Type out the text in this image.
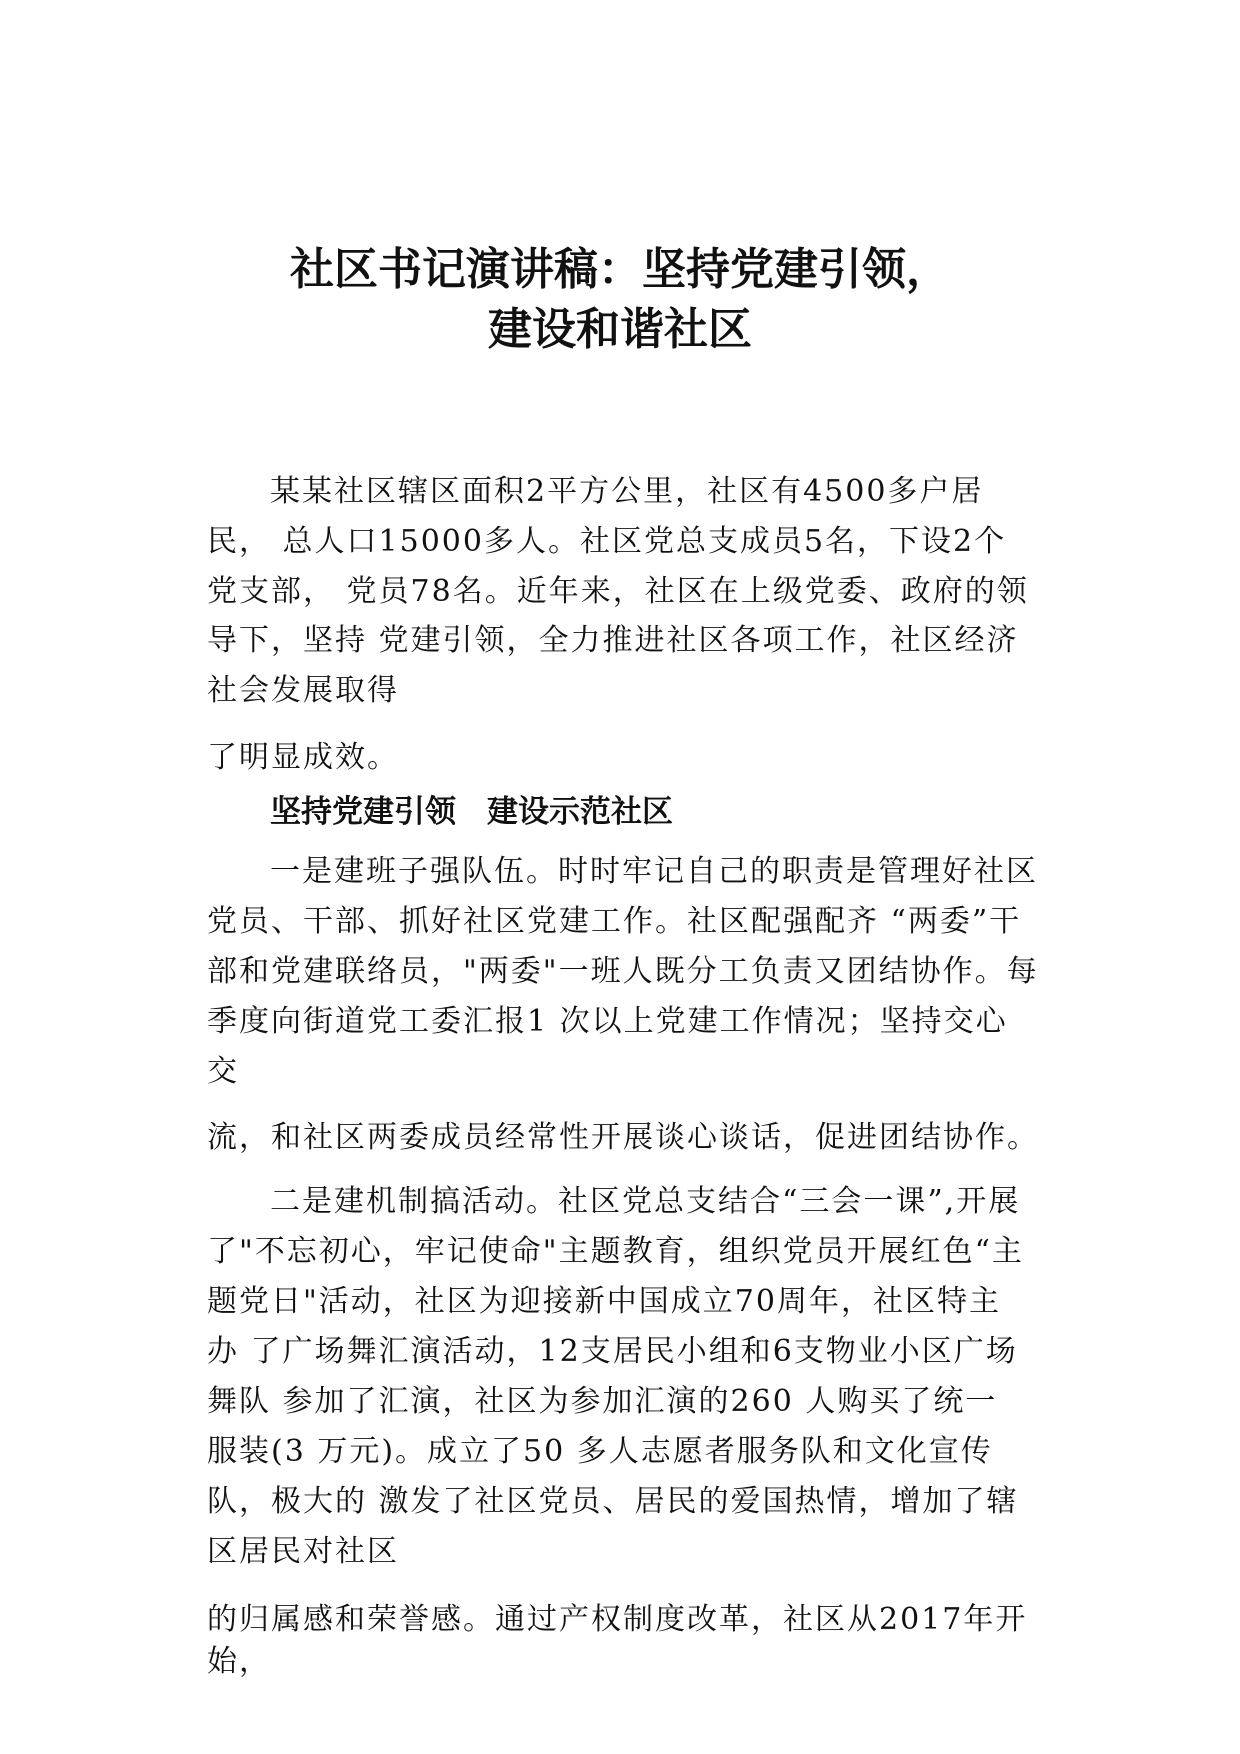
社区书记演讲稿：坚持党建引领，
建设和谐社区
某某社区辖区面积2平方公里，社区有4500多户居
民， 总人口15000多人。社区党总支成员5名，下设2个
党支部， 党员78名。近年来，社区在上级党委、政府的领
导下，坚持 党建引领，全力推进社区各项工作，社区经济
社会发展取得
了明显成效。
坚持党建引领　建设示范社区
一是建班子强队伍。时时牢记自己的职责是管理好社区
党员、干部、抓好社区党建工作。社区配强配齐 “两委”干
部和党建联络员，"两委"一班人既分工负责又团结协作。每
季度向街道党工委汇报1 次以上党建工作情况；坚持交心
交
流，和社区两委成员经常性开展谈心谈话，促进团结协作。
二是建机制搞活动。社区党总支结合“三会一课”,开展
了"不忘初心，牢记使命"主题教育，组织党员开展红色“主
题党日"活动，社区为迎接新中国成立70周年，社区特主
办 了广场舞汇演活动，12支居民小组和6支物业小区广场
舞队 参加了汇演，社区为参加汇演的260 人购买了统一
服装(3 万元)。成立了50 多人志愿者服务队和文化宣传
队，极大的 激发了社区党员、居民的爱国热情，增加了辖
区居民对社区
的归属感和荣誉感。通过产权制度改革，社区从2017年开
始，
